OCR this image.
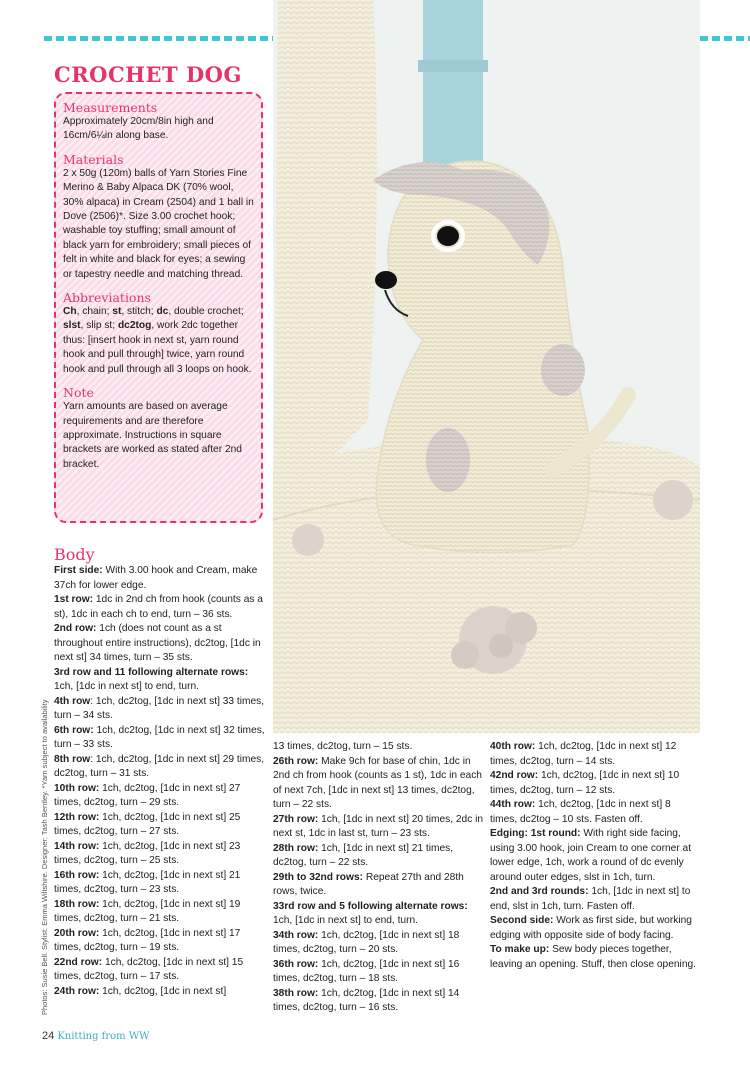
CROCHET DOG
Measurements
Approximately 20cm/8in high and 16cm/6¼in along base.
Materials
2 x 50g (120m) balls of Yarn Stories Fine Merino & Baby Alpaca DK (70% wool, 30% alpaca) in Cream (2504) and 1 ball in Dove (2506)*. Size 3.00 crochet hook; washable toy stuffing; small amount of black yarn for embroidery; small pieces of felt in white and black for eyes; a sewing or tapestry needle and matching thread.
Abbreviations
Ch, chain; st, stitch; dc, double crochet; slst, slip st; dc2tog, work 2dc together thus: [insert hook in next st, yarn round hook and pull through] twice, yarn round hook and pull through all 3 loops on hook.
Note
Yarn amounts are based on average requirements and are therefore approximate. Instructions in square brackets are worked as stated after 2nd bracket.
Body

First side: With 3.00 hook and Cream, make 37ch for lower edge.

1st row: 1dc in 2nd ch from hook (counts as a st), 1dc in each ch to end, turn – 36 sts.

2nd row: 1ch (does not count as a st throughout entire instructions), dc2tog, [1dc in next st] 34 times, turn – 35 sts.

3rd row and 11 following alternate rows: 1ch, [1dc in next st] to end, turn.

4th row: 1ch, dc2tog, [1dc in next st] 33 times, turn – 34 sts.

6th row: 1ch, dc2tog, [1dc in next st] 32 times, turn – 33 sts.

8th row: 1ch, dc2tog, [1dc in next st] 29 times, dc2tog, turn – 31 sts.

10th row: 1ch, dc2tog, [1dc in next st] 27 times, dc2tog, turn – 29 sts.

12th row: 1ch, dc2tog, [1dc in next st] 25 times, dc2tog, turn – 27 sts.

14th row: 1ch, dc2tog, [1dc in next st] 23 times, dc2tog, turn – 25 sts.

16th row: 1ch, dc2tog, [1dc in next st] 21 times, dc2tog, turn – 23 sts.

18th row: 1ch, dc2tog, [1dc in next st] 19 times, dc2tog, turn – 21 sts.

20th row: 1ch, dc2tog, [1dc in next st] 17 times, dc2tog, turn – 19 sts.

22nd row: 1ch, dc2tog, [1dc in next st] 15 times, dc2tog, turn – 17 sts.

24th row: 1ch, dc2tog, [1dc in next st]

13 times, dc2tog, turn – 15 sts.

26th row: Make 9ch for base of chin, 1dc in 2nd ch from hook (counts as 1 st), 1dc in each of next 7ch, [1dc in next st] 13 times, dc2tog, turn – 22 sts.

27th row: 1ch, [1dc in next st] 20 times, 2dc in next st, 1dc in last st, turn – 23 sts.

28th row: 1ch, [1dc in next st] 21 times, dc2tog, turn – 22 sts.

29th to 32nd rows: Repeat 27th and 28th rows, twice.

33rd row and 5 following alternate rows: 1ch, [1dc in next st] to end, turn.

34th row: 1ch, dc2tog, [1dc in next st] 18 times, dc2tog, turn – 20 sts.

36th row: 1ch, dc2tog, [1dc in next st] 16 times, dc2tog, turn – 18 sts.

38th row: 1ch, dc2tog, [1dc in next st] 14 times, dc2tog, turn – 16 sts.

40th row: 1ch, dc2tog, [1dc in next st] 12 times, dc2tog, turn – 14 sts.

42nd row: 1ch, dc2tog, [1dc in next st] 10 times, dc2tog, turn – 12 sts.

44th row: 1ch, dc2tog, [1dc in next st] 8 times, dc2tog – 10 sts. Fasten off.

Edging: 1st round: With right side facing, using 3.00 hook, join Cream to one corner at lower edge, 1ch, work a round of dc evenly around outer edges, slst in 1ch, turn.

2nd and 3rd rounds: 1ch, [1dc in next st] to end, slst in 1ch, turn. Fasten off.

Second side: Work as first side, but working edging with opposite side of body facing.

To make up: Sew body pieces together, leaving an opening. Stuff, then close opening.

Photos: Susie Bell. Stylist: Emma Wiltshire. Designer: Tash Bentley. *Yarn subject to availability
24 Knitting from WW
